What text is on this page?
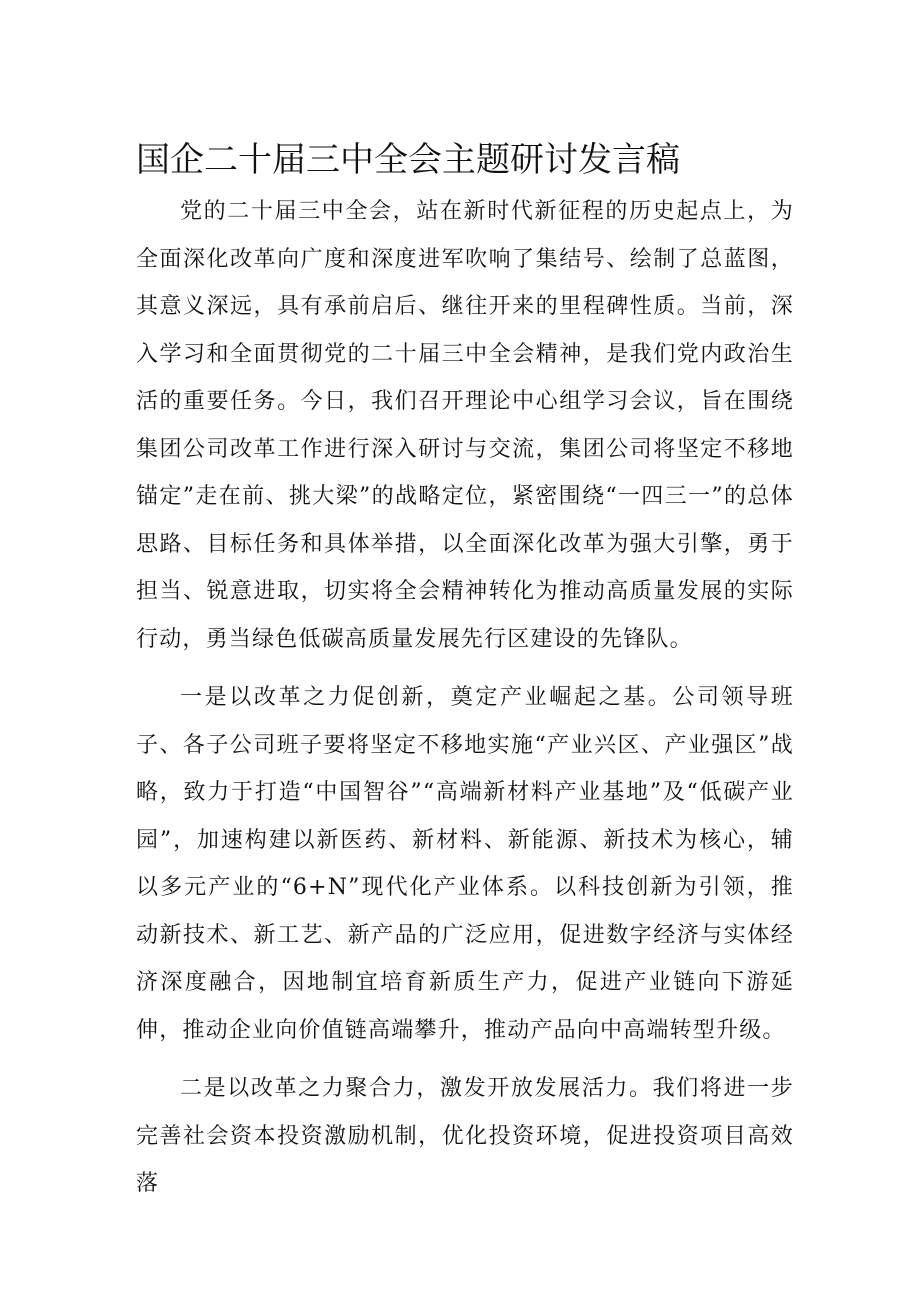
国企二十届三中全会主题研讨发言稿

党的二十届三中全会，站在新时代新征程的历史起点上，为全面深化改革向广度和深度进军吹响了集结号、绘制了总蓝图，其意义深远，具有承前启后、继往开来的里程碑性质。当前，深入学习和全面贯彻党的二十届三中全会精神，是我们党内政治生活的重要任务。今日，我们召开理论中心组学习会议，旨在围绕集团公司改革工作进行深入研讨与交流，集团公司将坚定不移地锚定”走在前、挑大梁”的战略定位，紧密围绕“一四三一”的总体思路、目标任务和具体举措，以全面深化改革为强大引擎，勇于担当、锐意进取，切实将全会精神转化为推动高质量发展的实际行动，勇当绿色低碳高质量发展先行区建设的先锋队。

一是以改革之力促创新，奠定产业崛起之基。公司领导班子、各子公司班子要将坚定不移地实施“产业兴区、产业强区”战略，致力于打造“中国智谷”“高端新材料产业基地”及“低碳产业园”，加速构建以新医药、新材料、新能源、新技术为核心，辅以多元产业的“6+N”现代化产业体系。以科技创新为引领，推动新技术、新工艺、新产品的广泛应用，促进数字经济与实体经济深度融合，因地制宜培育新质生产力，促进产业链向下游延伸，推动企业向价值链高端攀升，推动产品向中高端转型升级。

二是以改革之力聚合力，激发开放发展活力。我们将进一步完善社会资本投资激励机制，优化投资环境，促进投资项目高效落
